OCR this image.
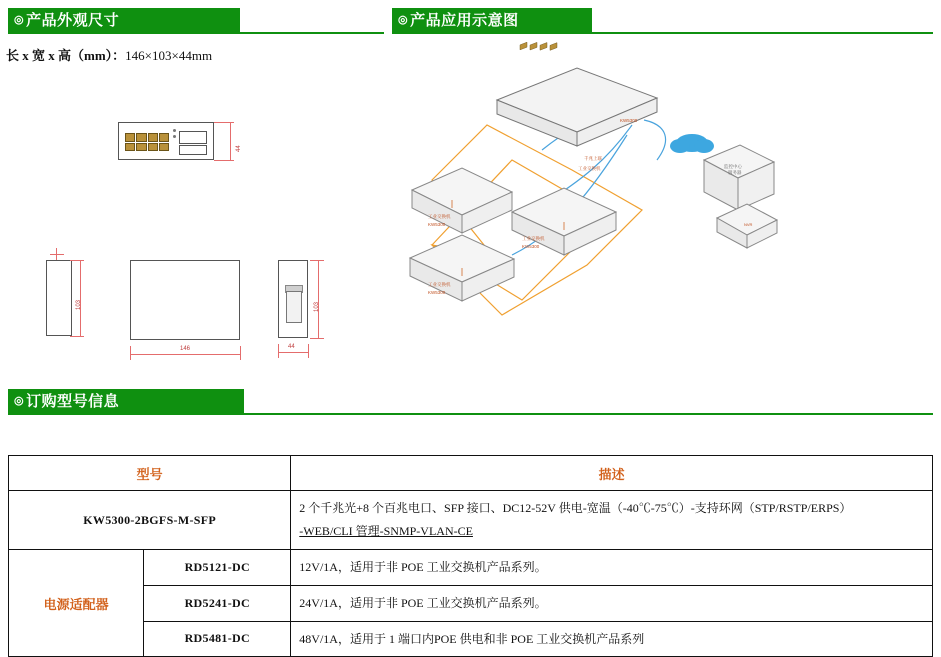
◎ 产品外观尺寸	◎ 产品应用示意图
长 x 宽 x 高（mm）：146×103×44mm
44
103
146
103
44
KW5300
千兆上联
工业交换机	监控中心
服务器
NVR
工业交换机
KW5300
工业交换机
KW5300
工业交换机
KW5300
◎ 订购型号信息
型号		描述
KW5300-2BGFS-M-SFP		2 个千兆光+8 个百兆电口、SFP 接口、DC12-52V 供电-宽温（-40℃-75℃）-支持环网（STP/RSTP/ERPS）
-WEB/CLI 管理-SNMP-VLAN-CE

电源适配器	RD5121-DC	12V/1A，适用于非 POE 工业交换机产品系列。
	RD5241-DC	24V/1A，适用于非 POE 工业交换机产品系列。
	RD5481-DC	48V/1A，适用于 1 端口内POE 供电和非 POE 工业交换机产品系列
